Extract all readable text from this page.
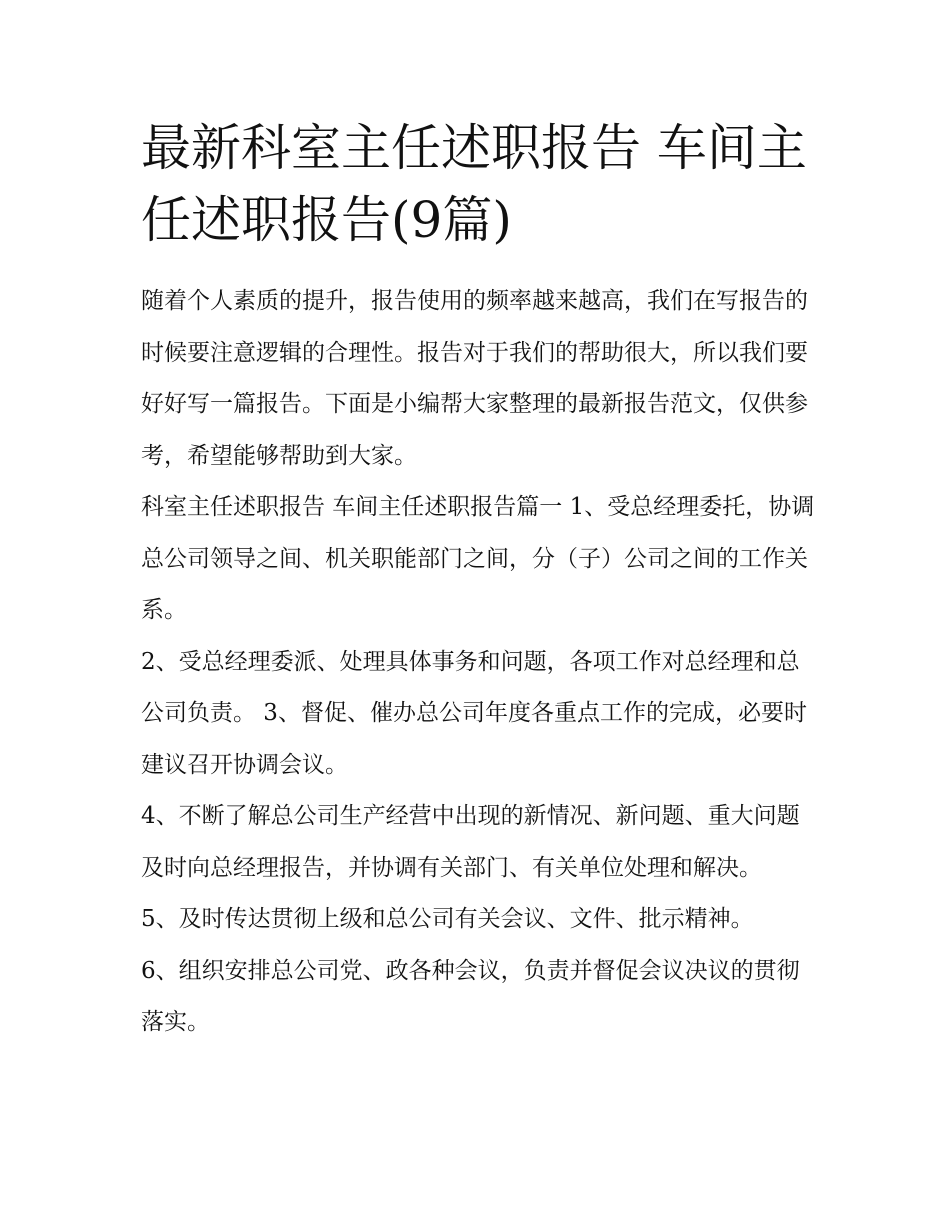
最新科室主任述职报告 车间主任述职报告(9篇)

随着个人素质的提升，报告使用的频率越来越高，我们在写报告的时候要注意逻辑的合理性。报告对于我们的帮助很大，所以我们要好好写一篇报告。下面是小编帮大家整理的最新报告范文，仅供参考，希望能够帮助到大家。

科室主任述职报告 车间主任述职报告篇一 1、受总经理委托，协调总公司领导之间、机关职能部门之间，分（子）公司之间的工作关系。

2、受总经理委派、处理具体事务和问题，各项工作对总经理和总公司负责。 3、督促、催办总公司年度各重点工作的完成，必要时建议召开协调会议。

4、不断了解总公司生产经营中出现的新情况、新问题、重大问题及时向总经理报告，并协调有关部门、有关单位处理和解决。

5、及时传达贯彻上级和总公司有关会议、文件、批示精神。

6、组织安排总公司党、政各种会议，负责并督促会议决议的贯彻落实。
